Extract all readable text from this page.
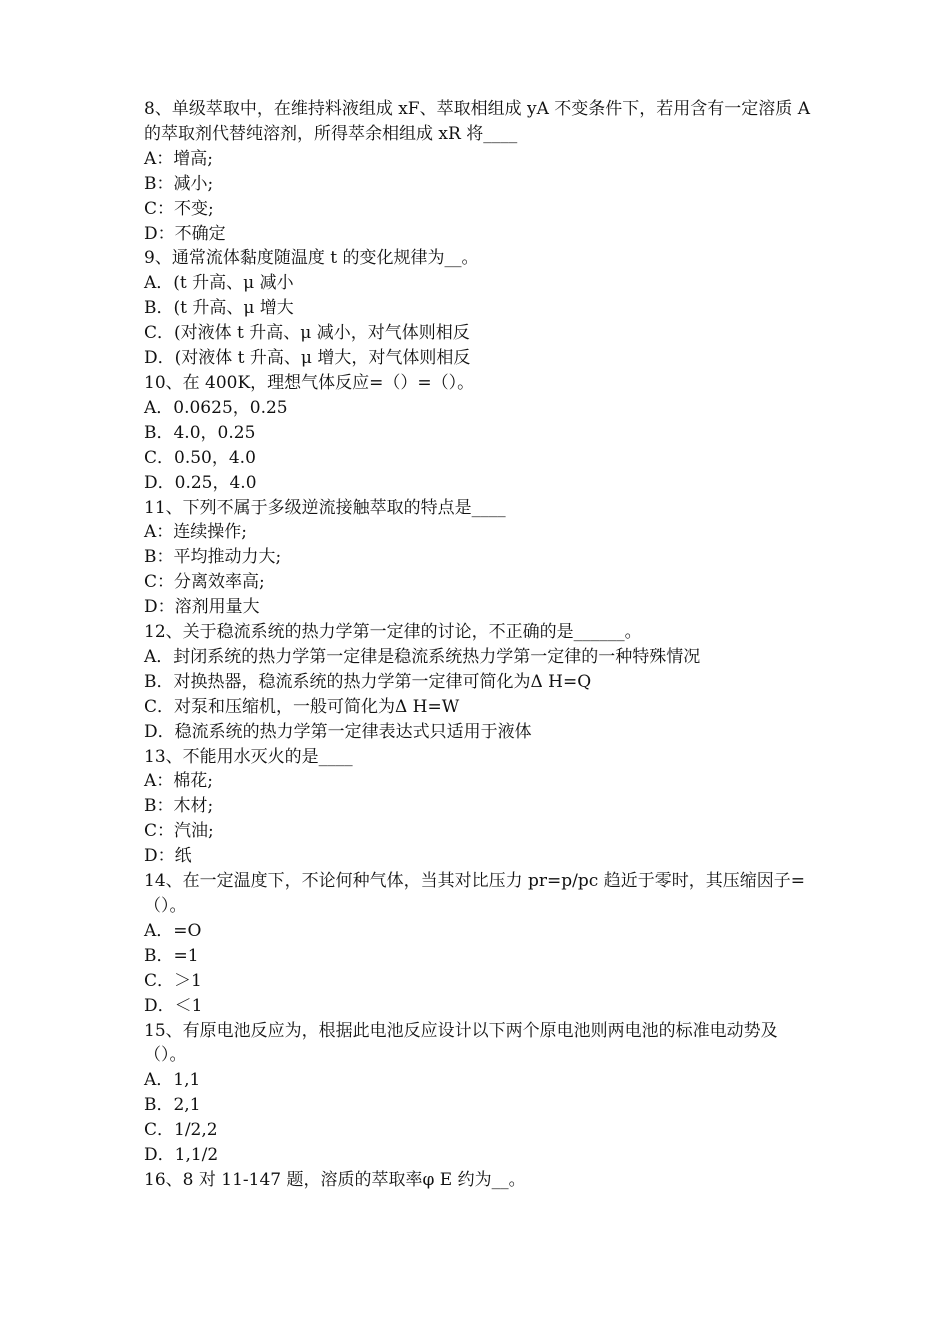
8、单级萃取中，在维持料液组成 xF、萃取相组成 yA 不变条件下，若用含有一定溶质 A 的萃取剂代替纯溶剂，所得萃余相组成 xR 将____

A：增高;
B：减小;
C：不变;
D：不确定

9、通常流体黏度随温度 t 的变化规律为__。

A．(t 升高、μ 减小
B．(t 升高、μ 增大
C．(对液体 t 升高、μ 减小，对气体则相反
D．(对液体 t 升高、μ 增大，对气体则相反

10、在 400K，理想气体反应=（）=（）。

A．0.0625，0.25
B．4.0，0.25
C．0.50，4.0
D．0.25，4.0

11、下列不属于多级逆流接触萃取的特点是____

A：连续操作;
B：平均推动力大;
C：分离效率高;
D：溶剂用量大

12、关于稳流系统的热力学第一定律的讨论，不正确的是______。

A．封闭系统的热力学第一定律是稳流系统热力学第一定律的一种特殊情况
B．对换热器，稳流系统的热力学第一定律可简化为Δ H=Q
C．对泵和压缩机，一般可简化为Δ H=W
D．稳流系统的热力学第一定律表达式只适用于液体

13、不能用水灭火的是____

A：棉花;
B：木材;
C：汽油;
D：纸

14、在一定温度下，不论何种气体，当其对比压力 pr=p/pc 趋近于零时，其压缩因子=（）。

A．=O
B．=1
C．＞1
D．＜1

15、有原电池反应为，根据此电池反应设计以下两个原电池则两电池的标准电动势及（）。

A．1,1
B．2,1
C．1/2,2
D．1,1/2

16、8 对 11-147 题，溶质的萃取率φ E 约为__。
